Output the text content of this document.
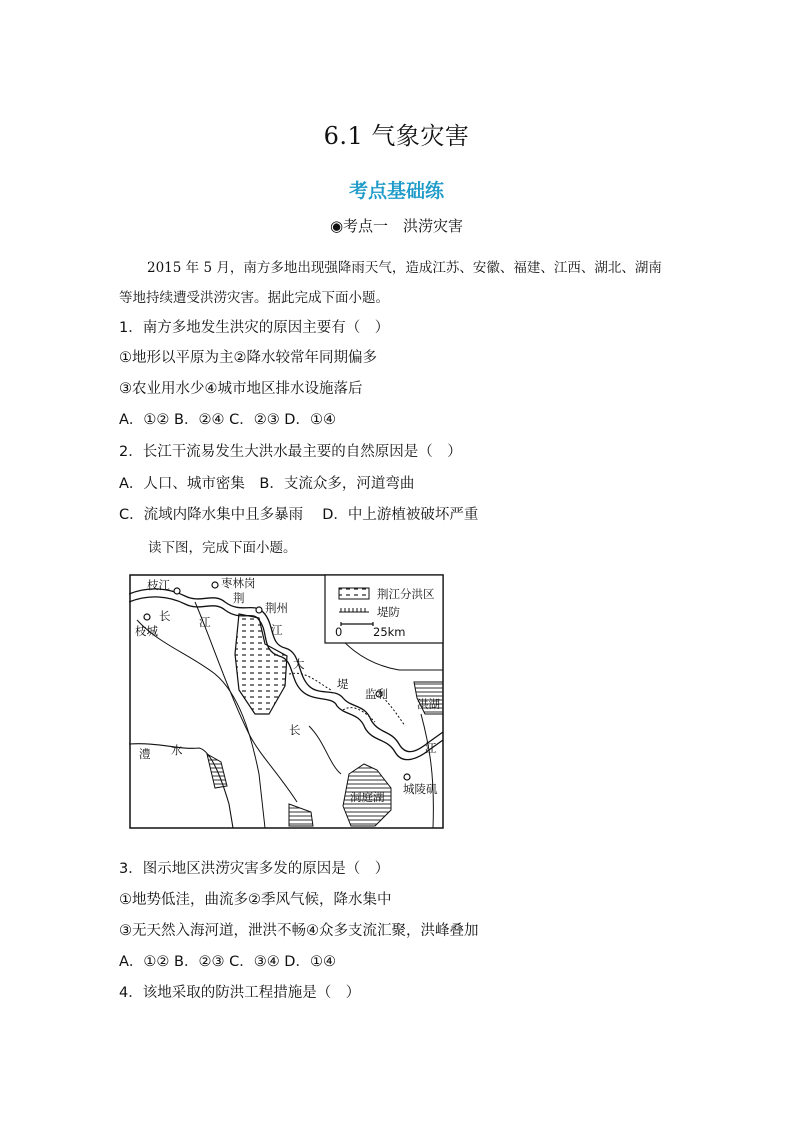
6.1 气象灾害
考点基础练
◉考点一　洪涝灾害
2015 年 5 月，南方多地出现强降雨天气，造成江苏、安徽、福建、江西、湖北、湖南
等地持续遭受洪涝灾害。据此完成下面小题。
1．南方多地发生洪灾的原因主要有（　）
①地形以平原为主②降水较常年同期偏多
③农业用水少④城市地区排水设施落后
A．①② B．②④ C．②③ D．①④
2．长江干流易发生大洪水最主要的自然原因是（　）
A．人口、城市密集　B．支流众多，河道弯曲
C．流域内降水集中且多暴雨　 D．中上游植被破坏严重
读下图，完成下面小题。
枝江	枣林岗
荆州
枝城
监利
洪湖
洞庭湖
城陵矶
荆
长 江
江
大
堤
长
江
澧 水
荆江分洪区
堤防
0	25km
3．图示地区洪涝灾害多发的原因是（　）
①地势低洼，曲流多②季风气候，降水集中
③无天然入海河道，泄洪不畅④众多支流汇聚，洪峰叠加
A．①② B．②③ C．③④ D．①④
4．该地采取的防洪工程措施是（　）
